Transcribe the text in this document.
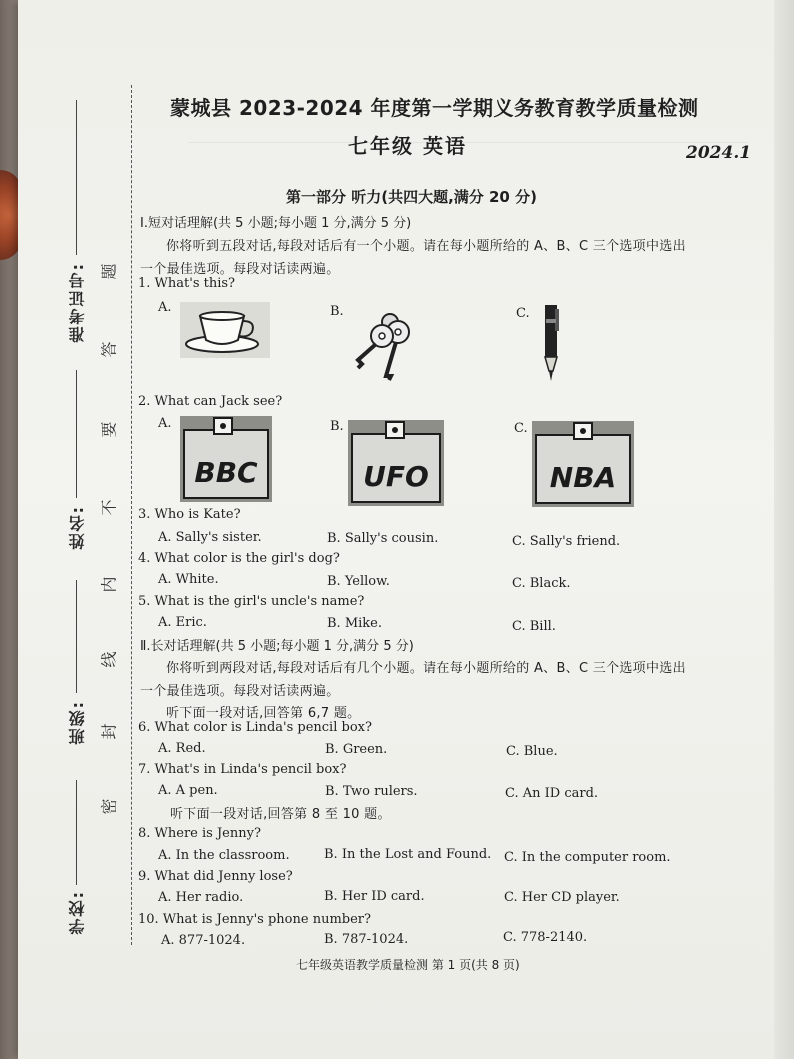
准考证号:
姓名:
班级:
学校:
题
答
要
不
内
线
封
密
蒙城县 2023-2024 年度第一学期义务教育教学质量检测
七年级 英语	2024.1
第一部分 听力(共四大题,满分 20 分)
Ⅰ.短对话理解(共 5 小题;每小题 1 分,满分 5 分)
你将听到五段对话,每段对话后有一个小题。请在每小题所给的 A、B、C 三个选项中选出
一个最佳选项。每段对话读两遍。
1. What's this?
A.	B.	C.
2. What can Jack see?
A.	B.	C.
BBC	UFO	NBA
3. Who is Kate?
A. Sally's sister.	B. Sally's cousin.	C. Sally's friend.
4. What color is the girl's dog?
A. White.	B. Yellow.	C. Black.
5. What is the girl's uncle's name?
A. Eric.	B. Mike.	C. Bill.
Ⅱ.长对话理解(共 5 小题;每小题 1 分,满分 5 分)
你将听到两段对话,每段对话后有几个小题。请在每小题所给的 A、B、C 三个选项中选出
一个最佳选项。每段对话读两遍。
听下面一段对话,回答第 6,7 题。
6. What color is Linda's pencil box?
A. Red.	B. Green.	C. Blue.
7. What's in Linda's pencil box?
A. A pen.	B. Two rulers.	C. An ID card.
听下面一段对话,回答第 8 至 10 题。
8. Where is Jenny?
A. In the classroom.	B. In the Lost and Found. C. In the computer room.
9. What did Jenny lose?
A. Her radio.	B. Her ID card.	C. Her CD player.
10. What is Jenny's phone number?
A. 877-1024.	B. 787-1024.	C. 778-2140.
七年级英语教学质量检测 第 1 页(共 8 页)
